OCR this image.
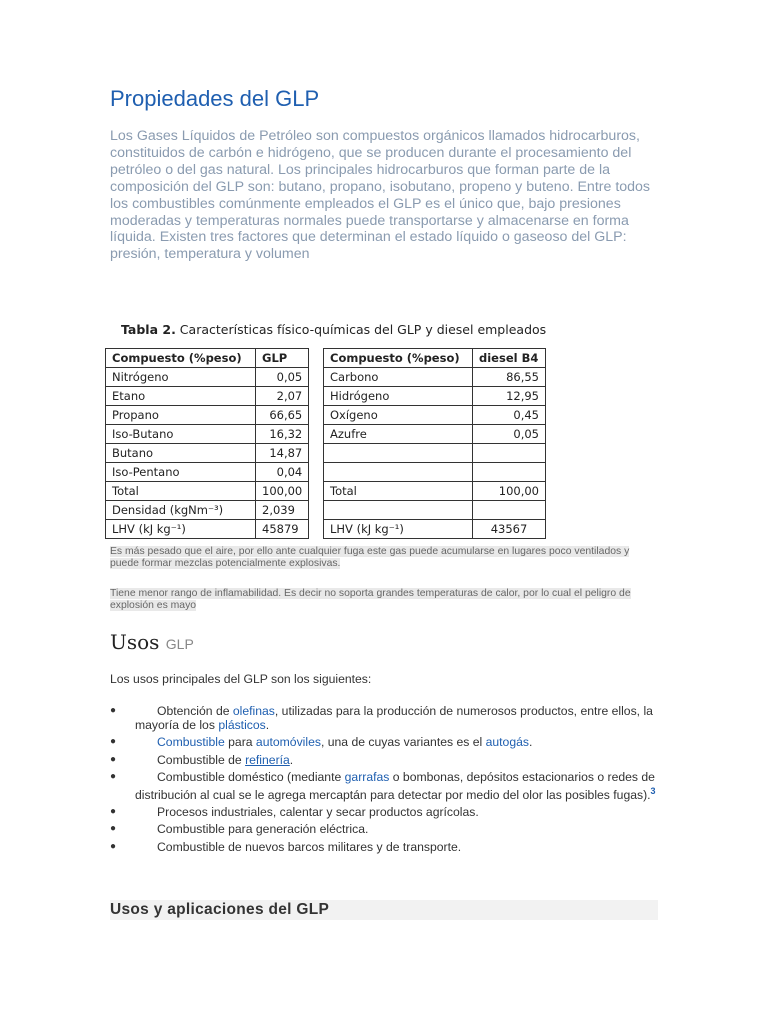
Propiedades del GLP

Los Gases Líquidos de Petróleo son compuestos orgánicos llamados hidrocarburos, constituidos de carbón e hidrógeno, que se producen durante el procesamiento del petróleo o del gas natural. Los principales hidrocarburos que forman parte de la composición del GLP son: butano, propano, isobutano, propeno y buteno. Entre todos los combustibles comúnmente empleados el GLP es el único que, bajo presiones moderadas y temperaturas normales puede transportarse y almacenarse en forma líquida. Existen tres factores que determinan el estado líquido o gaseoso del GLP: presión, temperatura y volumen

Tabla 2. Características físico-químicas del GLP y diesel empleados
Compuesto (%peso)	GLP
Nitrógeno	0,05
Etano	2,07
Propano	66,65
Iso-Butano	16,32
Butano	14,87
Iso-Pentano	0,04
Total	100,00
Densidad (kgNm⁻³)	2,039
LHV (kJ kg⁻¹)	45879
Compuesto (%peso)	diesel B4
Carbono	86,55
Hidrógeno	12,95
Oxígeno	0,45
Azufre	0,05

Total	100,00

LHV (kJ kg⁻¹)	43567

Es más pesado que el aire, por ello ante cualquier fuga este gas puede acumularse en lugares poco ventilados y puede formar mezclas potencialmente explosivas.

Tiene menor rango de inflamabilidad. Es decir no soporta grandes temperaturas de calor, por lo cual el peligro de explosión es mayo

Usos GLP

Los usos principales del GLP son los siguientes:

●	Obtención de olefinas, utilizadas para la producción de numerosos productos, entre ellos, la mayoría de los plásticos.
●	Combustible para automóviles, una de cuyas variantes es el autogás.
●	Combustible de refinería.
●	Combustible doméstico (mediante garrafas o bombonas, depósitos estacionarios o redes de distribución al cual se le agrega mercaptán para detectar por medio del olor las posibles fugas).$^3$
●	Procesos industriales, calentar y secar productos agrícolas.
●	Combustible para generación eléctrica.
●	Combustible de nuevos barcos militares y de transporte.
Usos y aplicaciones del GLP
